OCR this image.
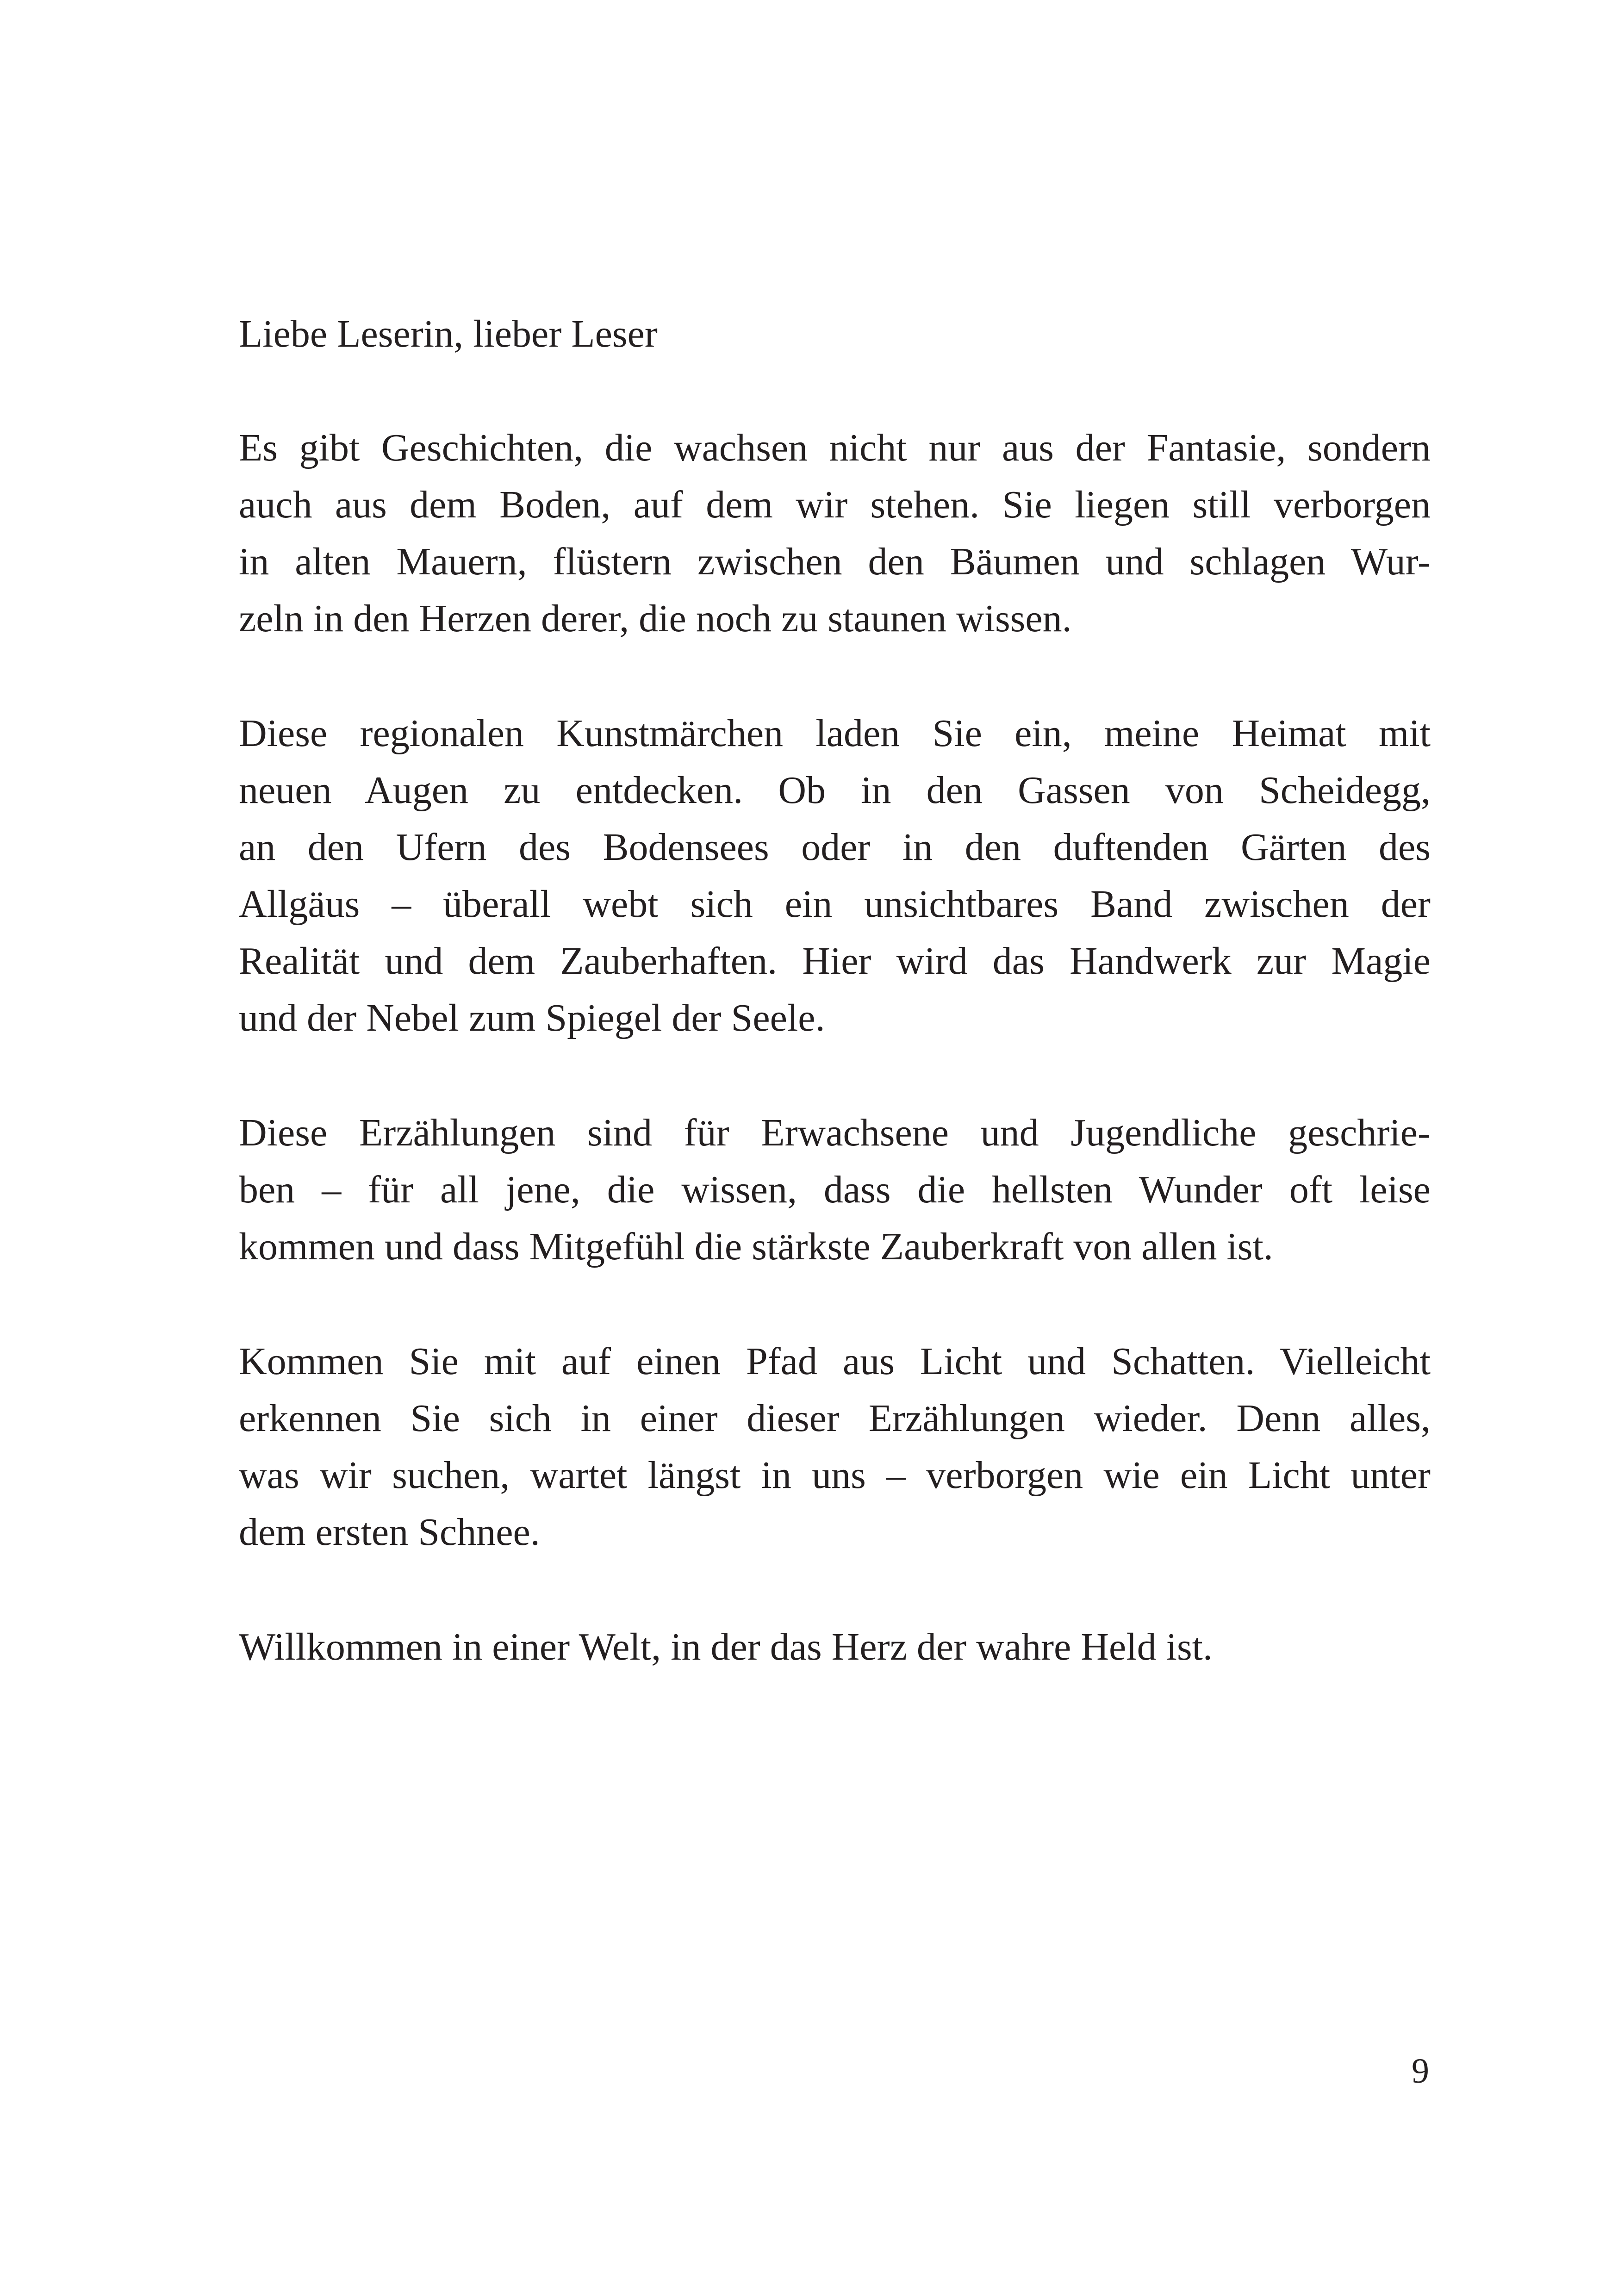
Liebe Leserin, lieber Leser

Es gibt Geschichten, die wachsen nicht nur aus der Fantasie, sondern
auch aus dem Boden, auf dem wir stehen. Sie liegen still verborgen
in alten Mauern, flüstern zwischen den Bäumen und schlagen Wur-
zeln in den Herzen derer, die noch zu staunen wissen.

Diese regionalen Kunstmärchen laden Sie ein, meine Heimat mit
neuen Augen zu entdecken. Ob in den Gassen von Scheidegg,
an den Ufern des Bodensees oder in den duftenden Gärten des
Allgäus – überall webt sich ein unsichtbares Band zwischen der
Realität und dem Zauberhaften. Hier wird das Handwerk zur Magie
und der Nebel zum Spiegel der Seele.

Diese Erzählungen sind für Erwachsene und Jugendliche geschrie-
ben – für all jene, die wissen, dass die hellsten Wunder oft leise
kommen und dass Mitgefühl die stärkste Zauberkraft von allen ist.

Kommen Sie mit auf einen Pfad aus Licht und Schatten. Vielleicht
erkennen Sie sich in einer dieser Erzählungen wieder. Denn alles,
was wir suchen, wartet längst in uns – verborgen wie ein Licht unter
dem ersten Schnee.

Willkommen in einer Welt, in der das Herz der wahre Held ist.

9
